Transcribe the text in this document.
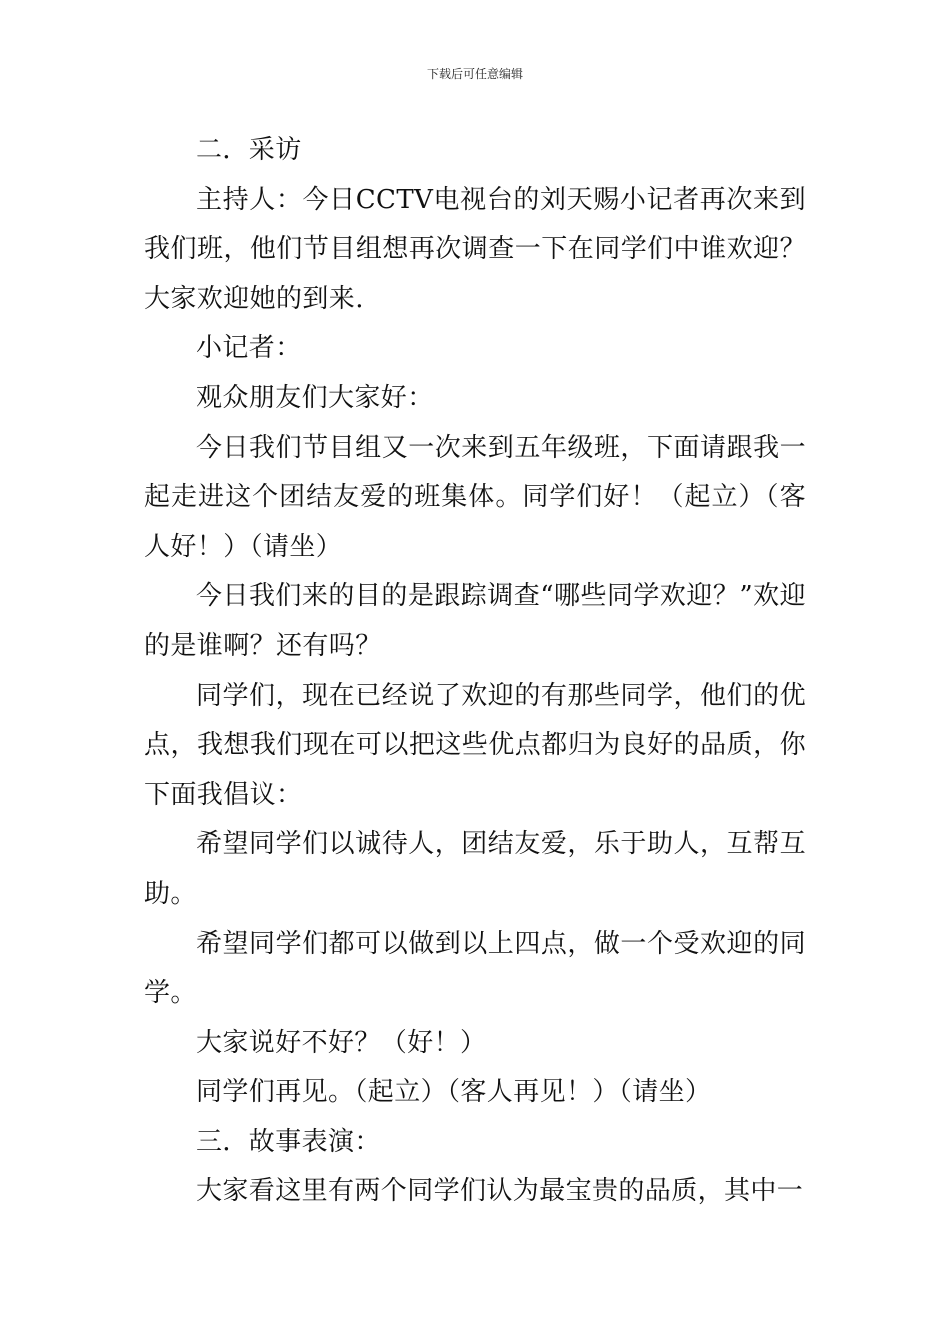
下载后可任意编辑

二．采访

主持人：今日CCTV电视台的刘天赐小记者再次来到我们班，他们节目组想再次调查一下在同学们中谁欢迎？大家欢迎她的到来.

小记者：

观众朋友们大家好：

今日我们节目组又一次来到五年级班，下面请跟我一起走进这个团结友爱的班集体。同学们好！（起立）（客人好！）（请坐）

今日我们来的目的是跟踪调查“哪些同学欢迎？”欢迎的是谁啊？还有吗？

同学们，现在已经说了欢迎的有那些同学，他们的优点，我想我们现在可以把这些优点都归为良好的品质，你下面我倡议：

希望同学们以诚待人，团结友爱，乐于助人，互帮互助。

希望同学们都可以做到以上四点，做一个受欢迎的同学。

大家说好不好？（好！）

同学们再见。（起立）（客人再见！）（请坐）

三．故事表演：

大家看这里有两个同学们认为最宝贵的品质，其中一
